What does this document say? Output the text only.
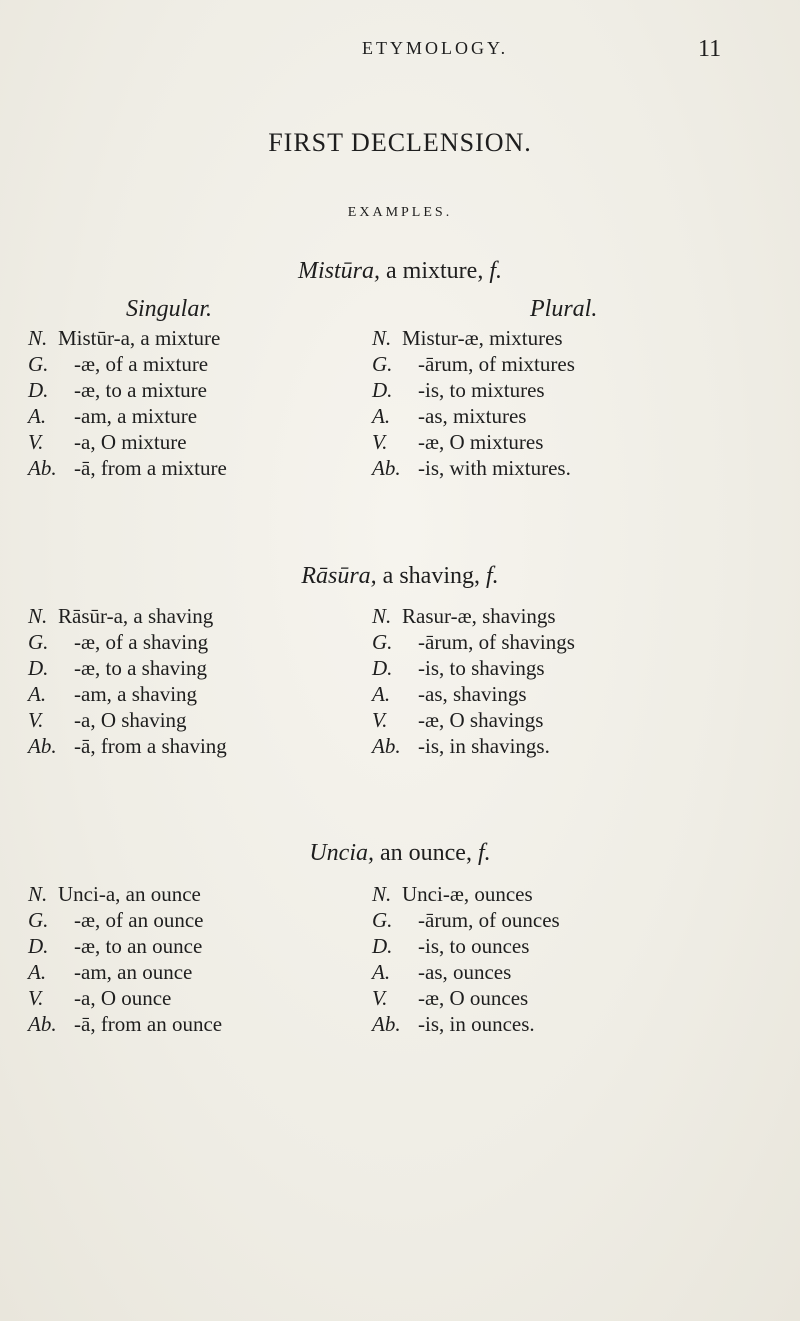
ETYMOLOGY.	11
FIRST DECLENSION.
EXAMPLES.
Mistūra, a mixture, f.
Singular.	Plural.
N. Mistūr-a, a mixture	N. Mistur-æ, mixtures
G. -æ, of a mixture	G. -ārum, of mixtures
D. -æ, to a mixture	D. -is, to mixtures
A. -am, a mixture	A. -as, mixtures
V. -a, O mixture	V. -æ, O mixtures
Ab. -ā, from a mixture	Ab. -is, with mixtures.
Rāsūra, a shaving, f.
N. Rāsūr-a, a shaving	N. Rasur-æ, shavings
G. -æ, of a shaving	G. -ārum, of shavings
D. -æ, to a shaving	D. -is, to shavings
A. -am, a shaving	A. -as, shavings
V. -a, O shaving	V. -æ, O shavings
Ab. -ā, from a shaving	Ab. -is, in shavings.
Uncia, an ounce, f.
N. Unci-a, an ounce	N. Unci-æ, ounces
G. -æ, of an ounce	G. -ārum, of ounces
D. -æ, to an ounce	D. -is, to ounces
A. -am, an ounce	A. -as, ounces
V. -a, O ounce	V. -æ, O ounces
Ab. -ā, from an ounce	Ab. -is, in ounces.
